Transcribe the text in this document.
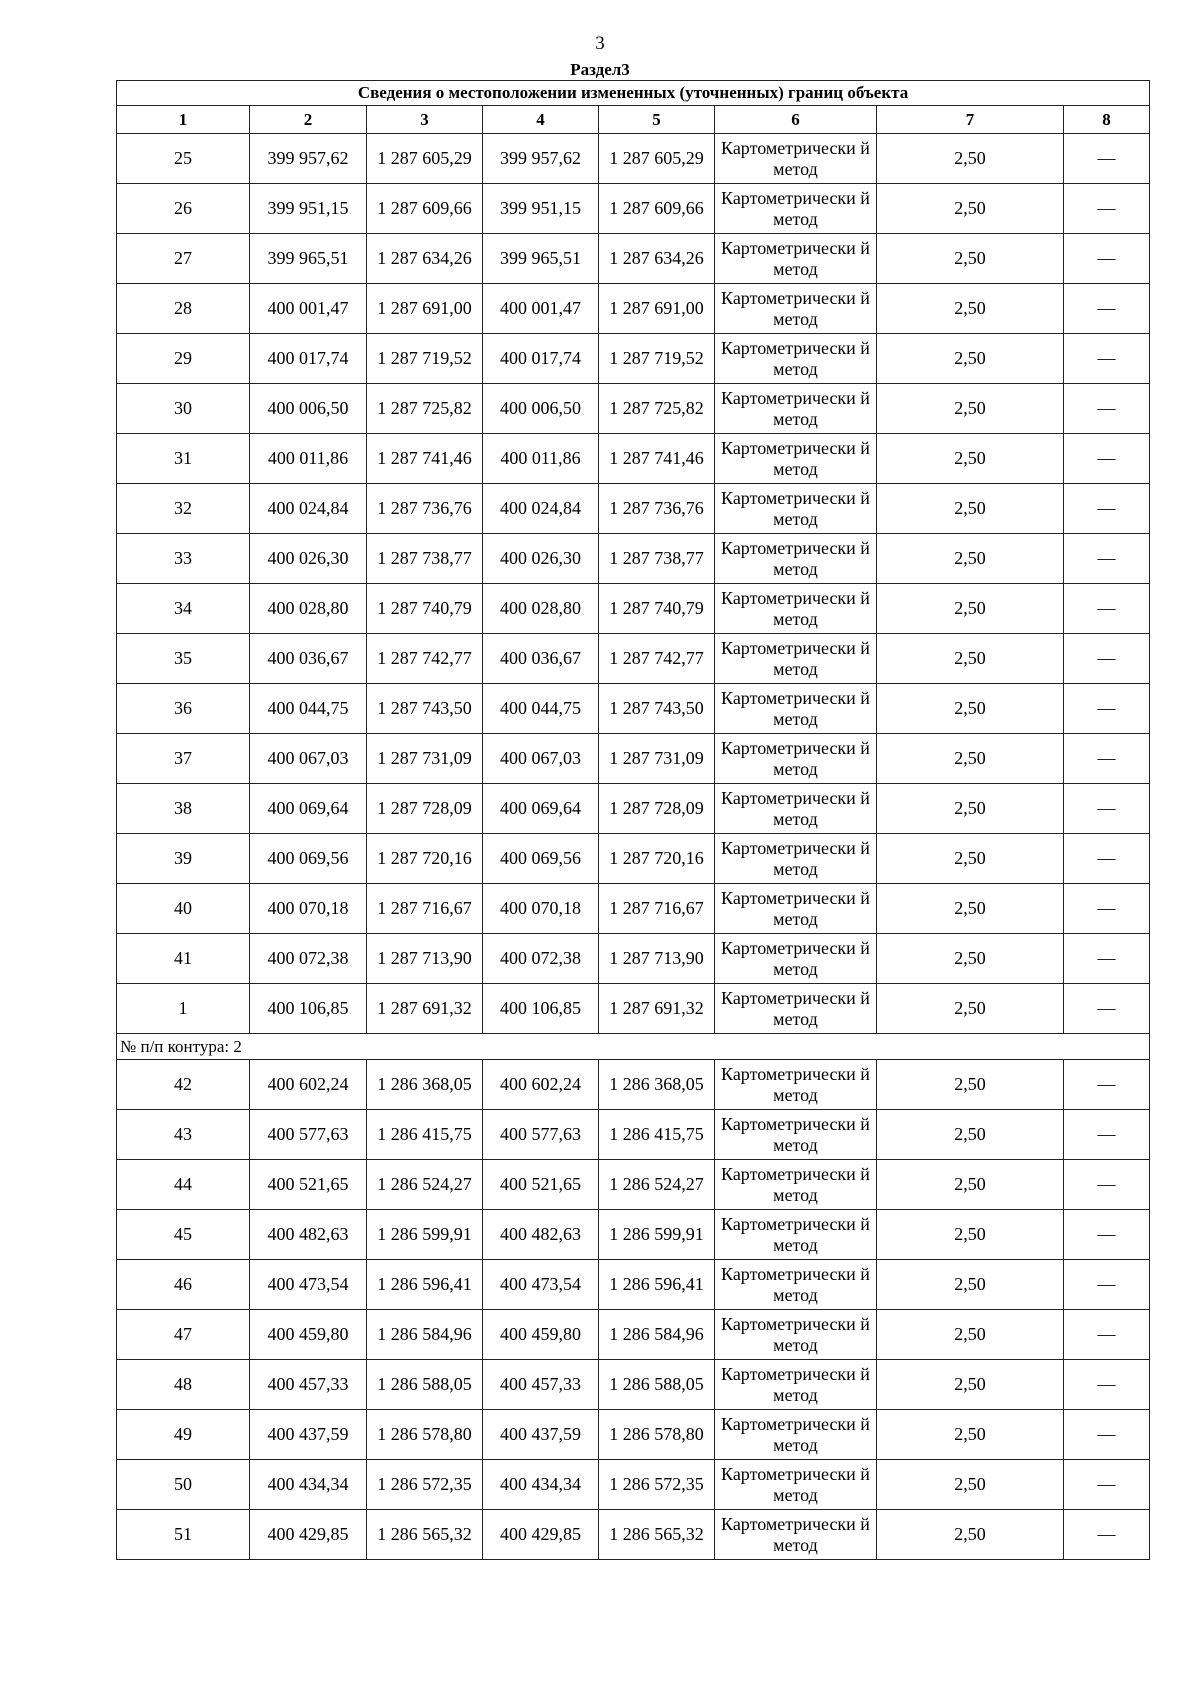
3
Раздел3
Сведения о местоположении измененных (уточненных) границ объекта							
1	2	3	4	5	6	7	8
25	399 957,62	1 287 605,29	399 957,62	1 287 605,29	Картометрически й метод	2,50	—
26	399 951,15	1 287 609,66	399 951,15	1 287 609,66	Картометрически й метод	2,50	—
27	399 965,51	1 287 634,26	399 965,51	1 287 634,26	Картометрически й метод	2,50	—
28	400 001,47	1 287 691,00	400 001,47	1 287 691,00	Картометрически й метод	2,50	—
29	400 017,74	1 287 719,52	400 017,74	1 287 719,52	Картометрически й метод	2,50	—
30	400 006,50	1 287 725,82	400 006,50	1 287 725,82	Картометрически й метод	2,50	—
31	400 011,86	1 287 741,46	400 011,86	1 287 741,46	Картометрически й метод	2,50	—
32	400 024,84	1 287 736,76	400 024,84	1 287 736,76	Картометрически й метод	2,50	—
33	400 026,30	1 287 738,77	400 026,30	1 287 738,77	Картометрически й метод	2,50	—
34	400 028,80	1 287 740,79	400 028,80	1 287 740,79	Картометрически й метод	2,50	—
35	400 036,67	1 287 742,77	400 036,67	1 287 742,77	Картометрически й метод	2,50	—
36	400 044,75	1 287 743,50	400 044,75	1 287 743,50	Картометрически й метод	2,50	—
37	400 067,03	1 287 731,09	400 067,03	1 287 731,09	Картометрически й метод	2,50	—
38	400 069,64	1 287 728,09	400 069,64	1 287 728,09	Картометрически й метод	2,50	—
39	400 069,56	1 287 720,16	400 069,56	1 287 720,16	Картометрически й метод	2,50	—
40	400 070,18	1 287 716,67	400 070,18	1 287 716,67	Картометрически й метод	2,50	—
41	400 072,38	1 287 713,90	400 072,38	1 287 713,90	Картометрически й метод	2,50	—
1	400 106,85	1 287 691,32	400 106,85	1 287 691,32	Картометрически й метод	2,50	—
№ п/п контура: 2							
42	400 602,24	1 286 368,05	400 602,24	1 286 368,05	Картометрически й метод	2,50	—
43	400 577,63	1 286 415,75	400 577,63	1 286 415,75	Картометрически й метод	2,50	—
44	400 521,65	1 286 524,27	400 521,65	1 286 524,27	Картометрически й метод	2,50	—
45	400 482,63	1 286 599,91	400 482,63	1 286 599,91	Картометрически й метод	2,50	—
46	400 473,54	1 286 596,41	400 473,54	1 286 596,41	Картометрически й метод	2,50	—
47	400 459,80	1 286 584,96	400 459,80	1 286 584,96	Картометрически й метод	2,50	—
48	400 457,33	1 286 588,05	400 457,33	1 286 588,05	Картометрически й метод	2,50	—
49	400 437,59	1 286 578,80	400 437,59	1 286 578,80	Картометрически й метод	2,50	—
50	400 434,34	1 286 572,35	400 434,34	1 286 572,35	Картометрически й метод	2,50	—
51	400 429,85	1 286 565,32	400 429,85	1 286 565,32	Картометрически й метод	2,50	—
